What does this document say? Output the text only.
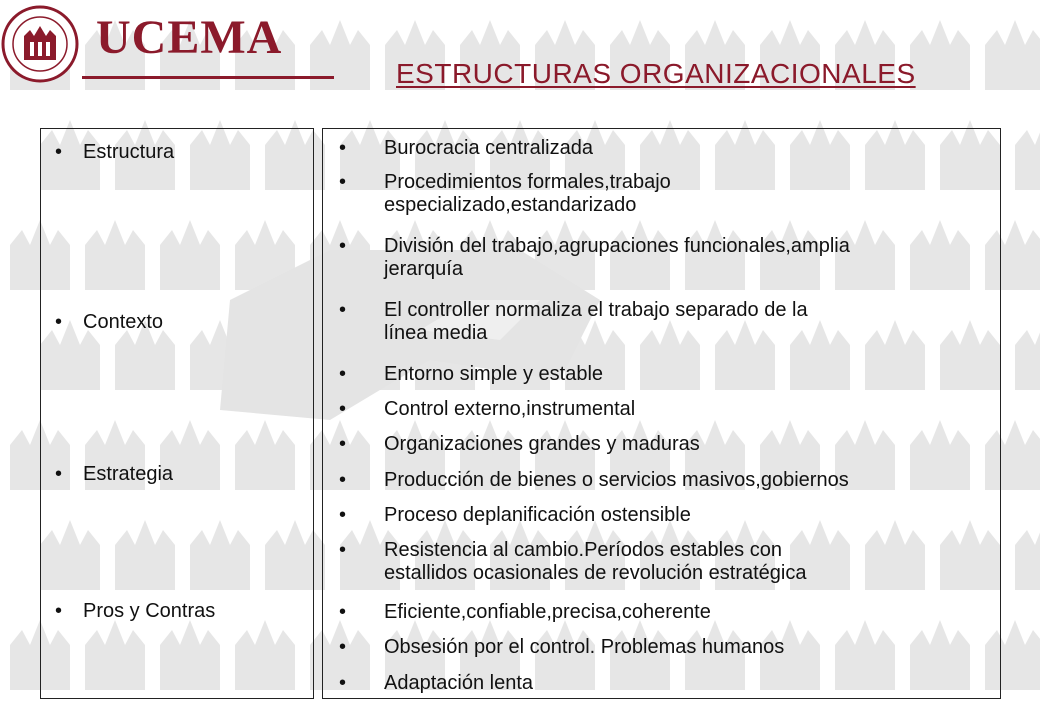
UCEMA
ESTRUCTURAS ORGANIZACIONALES
• Estructura
• Contexto
• Estrategia
• Pros y Contras
• Burocracia centralizada
• Procedimientos formales,trabajo
especializado,estandarizado
• División del trabajo,agrupaciones funcionales,amplia
jerarquía
• El controller normaliza el trabajo separado de la
línea media
• Entorno simple y estable
• Control externo,instrumental
• Organizaciones grandes y maduras
• Producción de bienes o servicios masivos,gobiernos
• Proceso deplanificación ostensible
• Resistencia al cambio.Períodos estables con
estallidos ocasionales de revolución estratégica
• Eficiente,confiable,precisa,coherente
• Obsesión por el control. Problemas humanos
• Adaptación lenta
